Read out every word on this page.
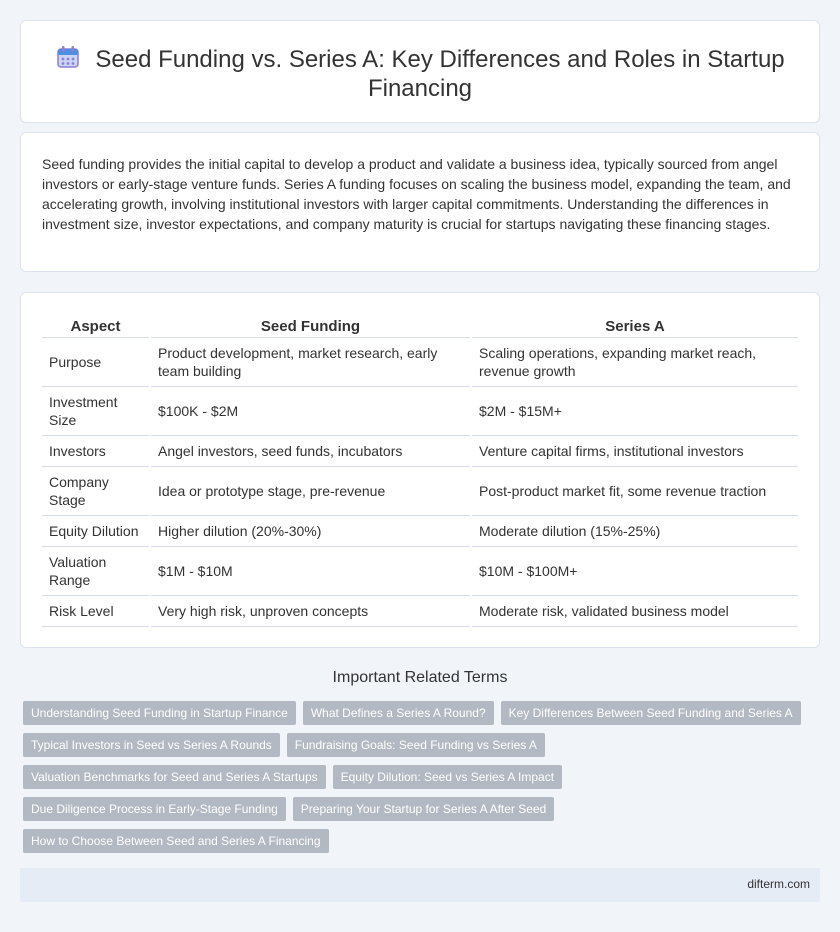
Seed Funding vs. Series A: Key Differences and Roles in Startup Financing

Seed funding provides the initial capital to develop a product and validate a business idea, typically sourced from angel investors or early-stage venture funds. Series A funding focuses on scaling the business model, expanding the team, and accelerating growth, involving institutional investors with larger capital commitments. Understanding the differences in investment size, investor expectations, and company maturity is crucial for startups navigating these financing stages.

Aspect	Seed Funding	Series A
Purpose	Product development, market research, early team building	Scaling operations, expanding market reach, revenue growth
Investment Size	$100K - $2M	$2M - $15M+
Investors	Angel investors, seed funds, incubators	Venture capital firms, institutional investors
Company Stage	Idea or prototype stage, pre-revenue	Post-product market fit, some revenue traction
Equity Dilution	Higher dilution (20%-30%)	Moderate dilution (15%-25%)
Valuation Range	$1M - $10M	$10M - $100M+
Risk Level	Very high risk, unproven concepts	Moderate risk, validated business model
Important Related Terms
Understanding Seed Funding in Startup Finance	What Defines a Series A Round?	Key Differences Between Seed Funding and Series A
Typical Investors in Seed vs Series A Rounds	Fundraising Goals: Seed Funding vs Series A
Valuation Benchmarks for Seed and Series A Startups	Equity Dilution: Seed vs Series A Impact
Due Diligence Process in Early-Stage Funding	Preparing Your Startup for Series A After Seed
How to Choose Between Seed and Series A Financing
difterm.com
